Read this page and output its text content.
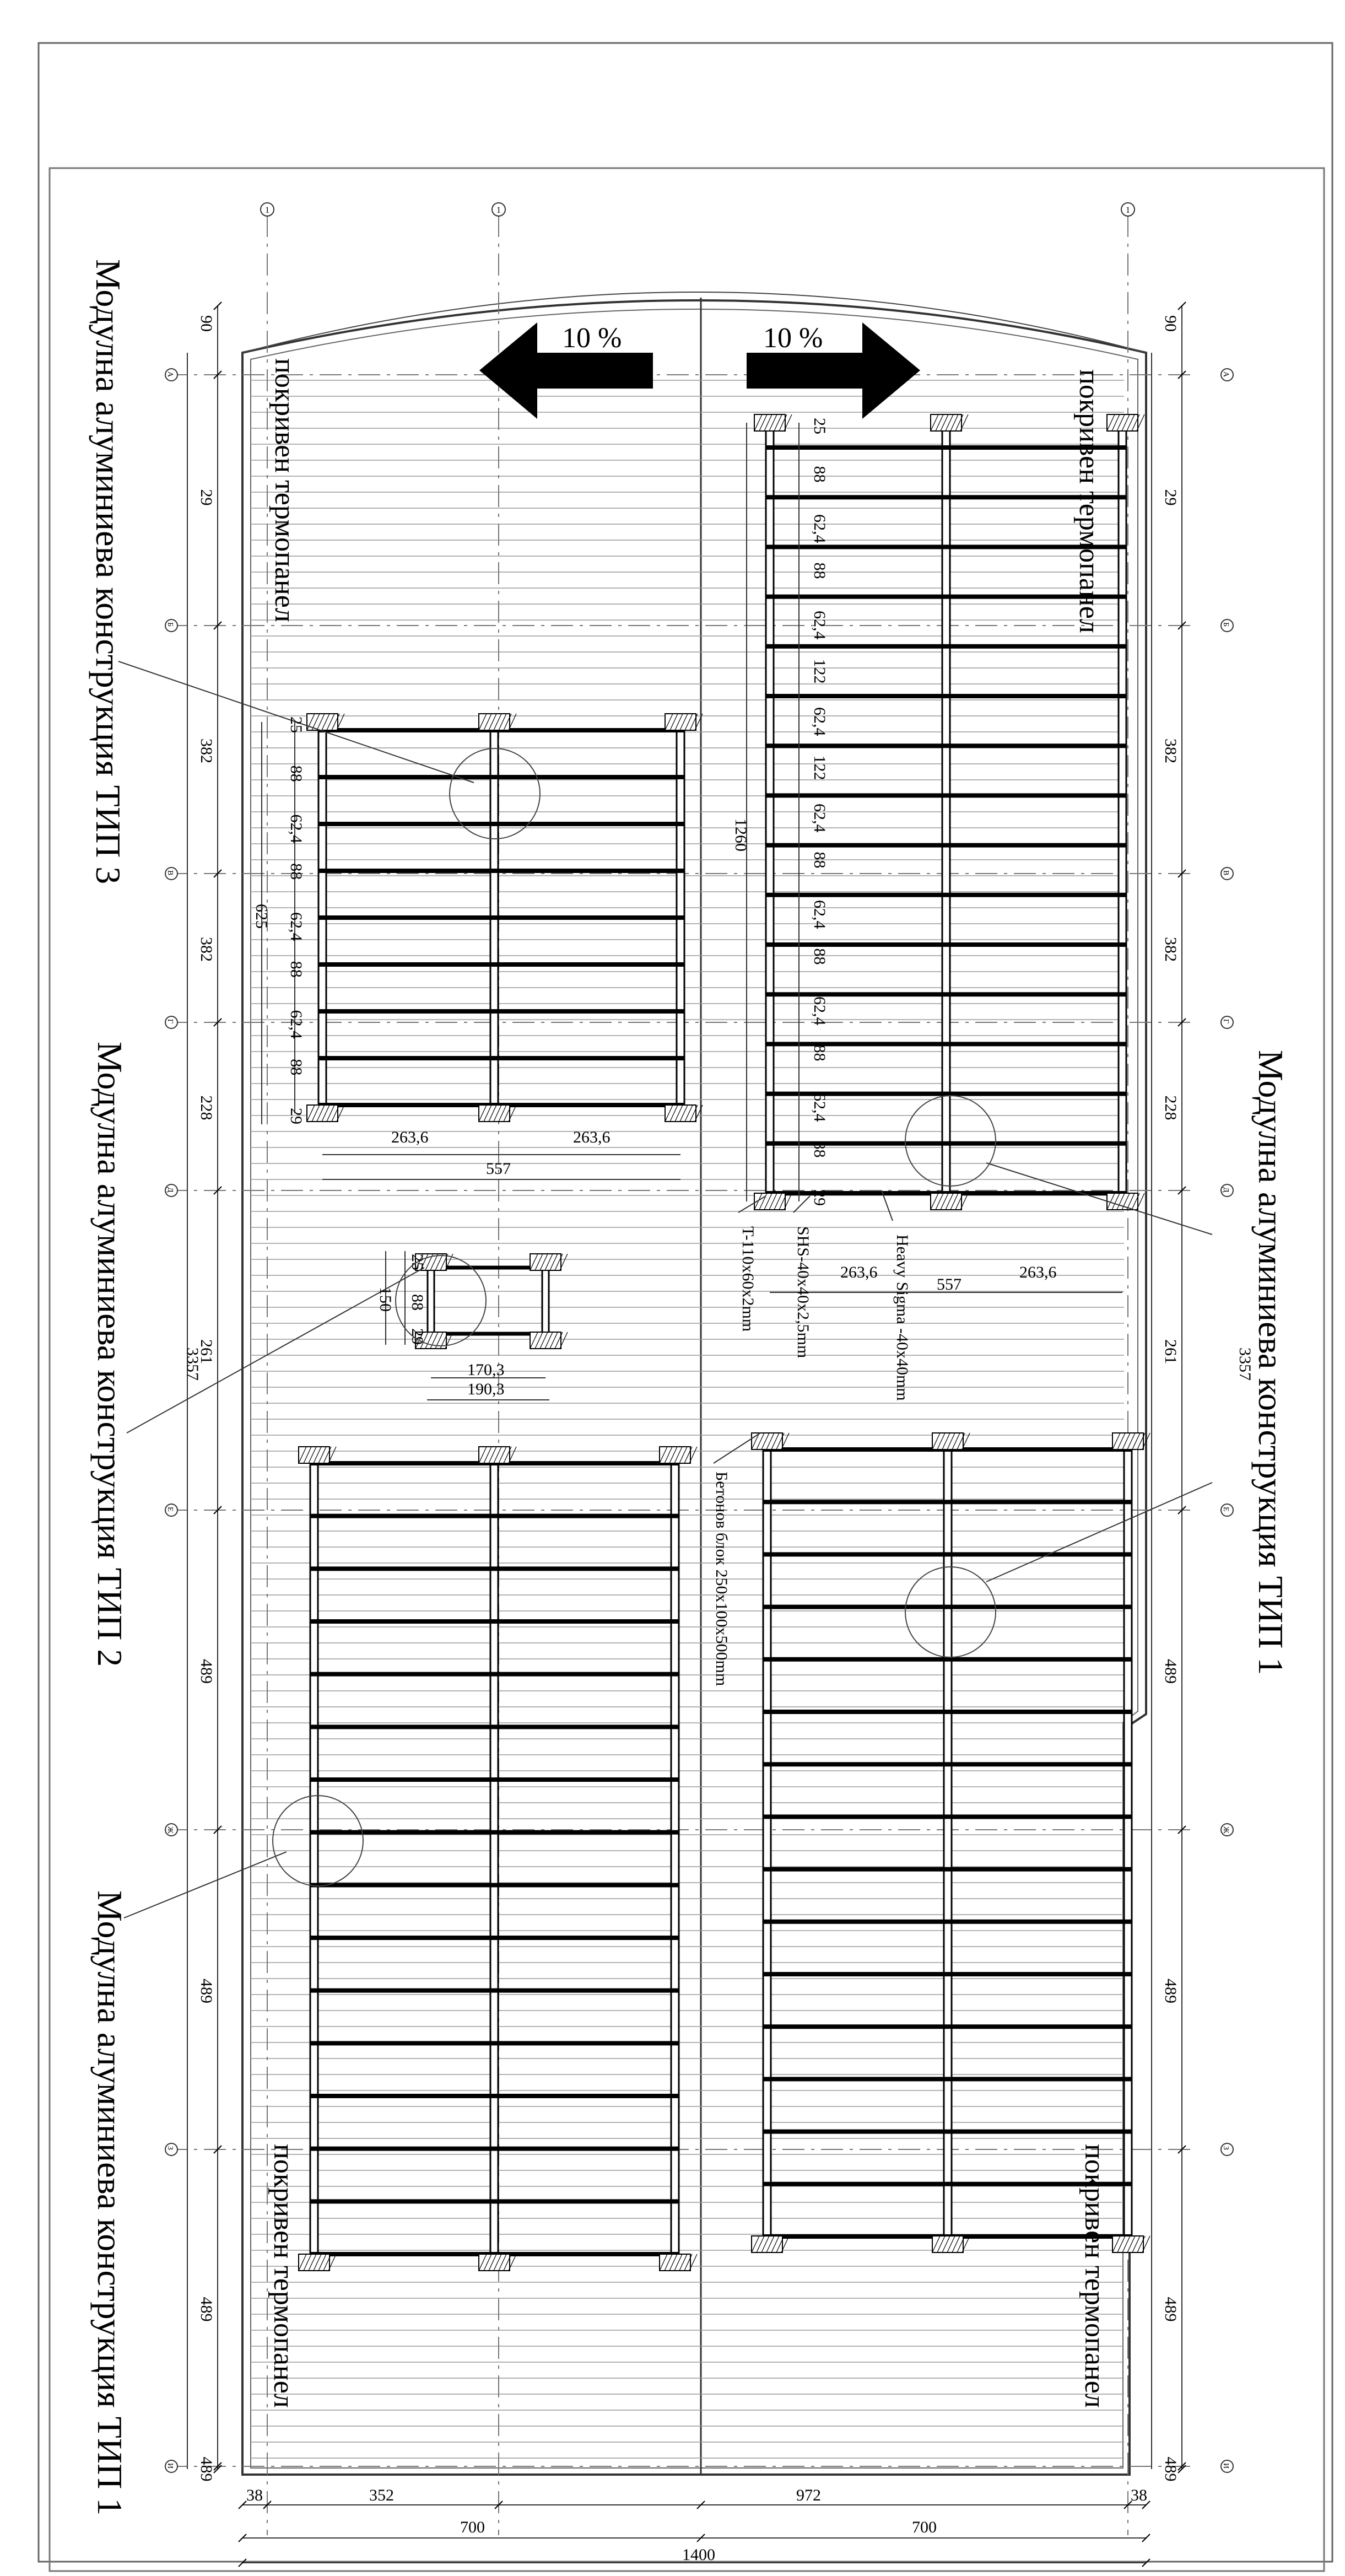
А	А
Б	Б
В	В
Г	Г
Д	Д
Е	Е
Ж	Ж
З	З
И	И
1	1	1
10 %	10 %
покривен термопанел	покривен термопанел
покривен термопанел	покривен термопанел
Модулна алуминиева конструкция ТИП 3
Модулна алуминиева конструкция ТИП 2
Модулна алуминиева конструкция ТИП 1
Модулна алуминиева конструкция ТИП 1
T-110x60x2mm SHS-40x40x2,5mm	Heavy Sigma -40x40mm
Бетонов блок 250x100x500mm
90
29
382
382
228
261
489
489
489
489
3357
90
29
382
382
228
261
489
489
489
489
3357
38	352	972	38
700	700
1400
25
88
62,4
88
62,4
122
62,4
122
62,4
88
62,4
88
62,4
88
62,4
88
29
1260
263,6
557
263,6
25
88
62,4
88
62,4
88
62,4
88
29
625
263,6	263,6
557
25
88
29
150
170,3
190,3
